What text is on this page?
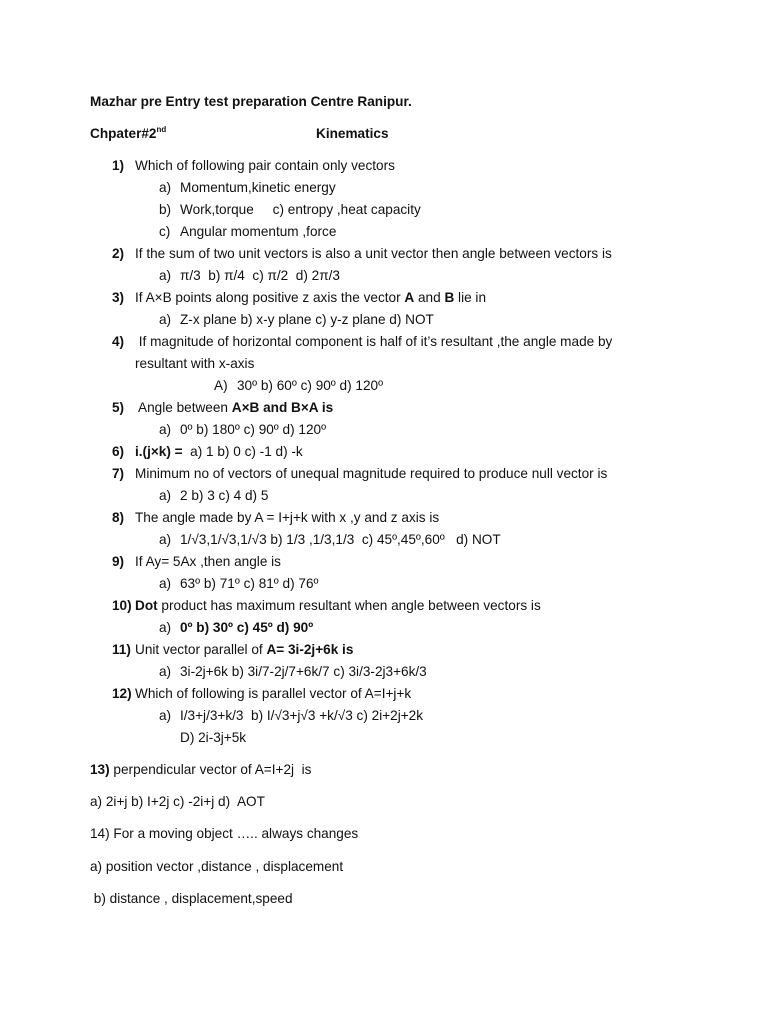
Mazhar pre Entry test preparation Centre Ranipur.
Chpater#2nd	Kinematics
1) Which of following pair contain only vectors
a) Momentum,kinetic energy
b) Work,torque     c) entropy ,heat capacity
c) Angular momentum ,force
2) If the sum of two unit vectors is also a unit vector then angle between vectors is
a) π/3  b) π/4  c) π/2  d) 2π/3
3) If A×B points along positive z axis the vector A and B lie in
a) Z-x plane b) x-y plane c) y-z plane d) NOT
4) If magnitude of horizontal component is half of it’s resultant ,the angle made by
resultant with x-axis
A) 30º b) 60º c) 90º d) 120º
5) Angle between A×B and B×A is
a) 0º b) 180º c) 90º d) 120º
6) i.(j×k) =  a) 1 b) 0 c) -1 d) -k
7) Minimum no of vectors of unequal magnitude required to produce null vector is
a) 2 b) 3 c) 4 d) 5
8) The angle made by A = I+j+k with x ,y and z axis is
a) 1/√3,1/√3,1/√3 b) 1/3 ,1/3,1/3  c) 45º,45º,60º   d) NOT
9) If Ay= 5Ax ,then angle is
a) 63º b) 71º c) 81º d) 76º
10) Dot product has maximum resultant when angle between vectors is
a) 0º b) 30º c) 45º d) 90º
11) Unit vector parallel of A= 3i-2j+6k is
a) 3i-2j+6k b) 3i/7-2j/7+6k/7 c) 3i/3-2j3+6k/3
12) Which of following is parallel vector of A=I+j+k
a) I/3+j/3+k/3  b) I/√3+j√3 +k/√3 c) 2i+2j+2k
D) 2i-3j+5k
13) perpendicular vector of A=I+2j  is
a) 2i+j b) I+2j c) -2i+j d)  AOT
14) For a moving object ….. always changes
a) position vector ,distance , displacement
b) distance , displacement,speed
